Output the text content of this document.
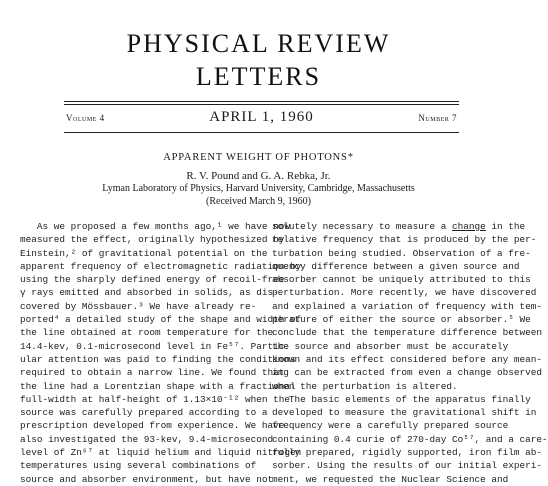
PHYSICAL REVIEW
LETTERS
Volume 4	APRIL 1, 1960	Number 7
APPARENT WEIGHT OF PHOTONS*
R. V. Pound and G. A. Rebka, Jr.
Lyman Laboratory of Physics, Harvard University, Cambridge, Massachusetts
(Received March 9, 1960)
As we proposed a few months ago,¹ we have now
measured the effect, originally hypothesized by
Einstein,² of gravitational potential on the
apparent frequency of electromagnetic radiation by
using the sharply defined energy of recoil-free
γ rays emitted and absorbed in solids, as dis-
covered by Mössbauer.³ We have already re-
ported⁴ a detailed study of the shape and width of
the line obtained at room temperature for the
14.4-kev, 0.1-microsecond level in Fe⁵⁷. Partic-
ular attention was paid to finding the conditions
required to obtain a narrow line. We found that
the line had a Lorentzian shape with a fractional
full-width at half-height of 1.13×10⁻¹² when the
source was carefully prepared according to a
prescription developed from experience. We have
also investigated the 93-kev, 9.4-microsecond
level of Zn⁶⁷ at liquid helium and liquid nitrogen
temperatures using several combinations of
source and absorber environment, but have not
solutely necessary to measure a change in the
relative frequency that is produced by the per-
turbation being studied. Observation of a fre-
quency difference between a given source and
absorber cannot be uniquely attributed to this
perturbation. More recently, we have discovered
and explained a variation of frequency with tem-
perature of either the source or absorber.⁵ We
conclude that the temperature difference between
the source and absorber must be accurately
known and its effect considered before any mean-
ing can be extracted from even a change observed
when the perturbation is altered.
The basic elements of the apparatus finally
developed to measure the gravitational shift in
frequency were a carefully prepared source
containing 0.4 curie of 270-day Co⁵⁷, and a care-
fully prepared, rigidly supported, iron film ab-
sorber. Using the results of our initial experi-
ment, we requested the Nuclear Science and
